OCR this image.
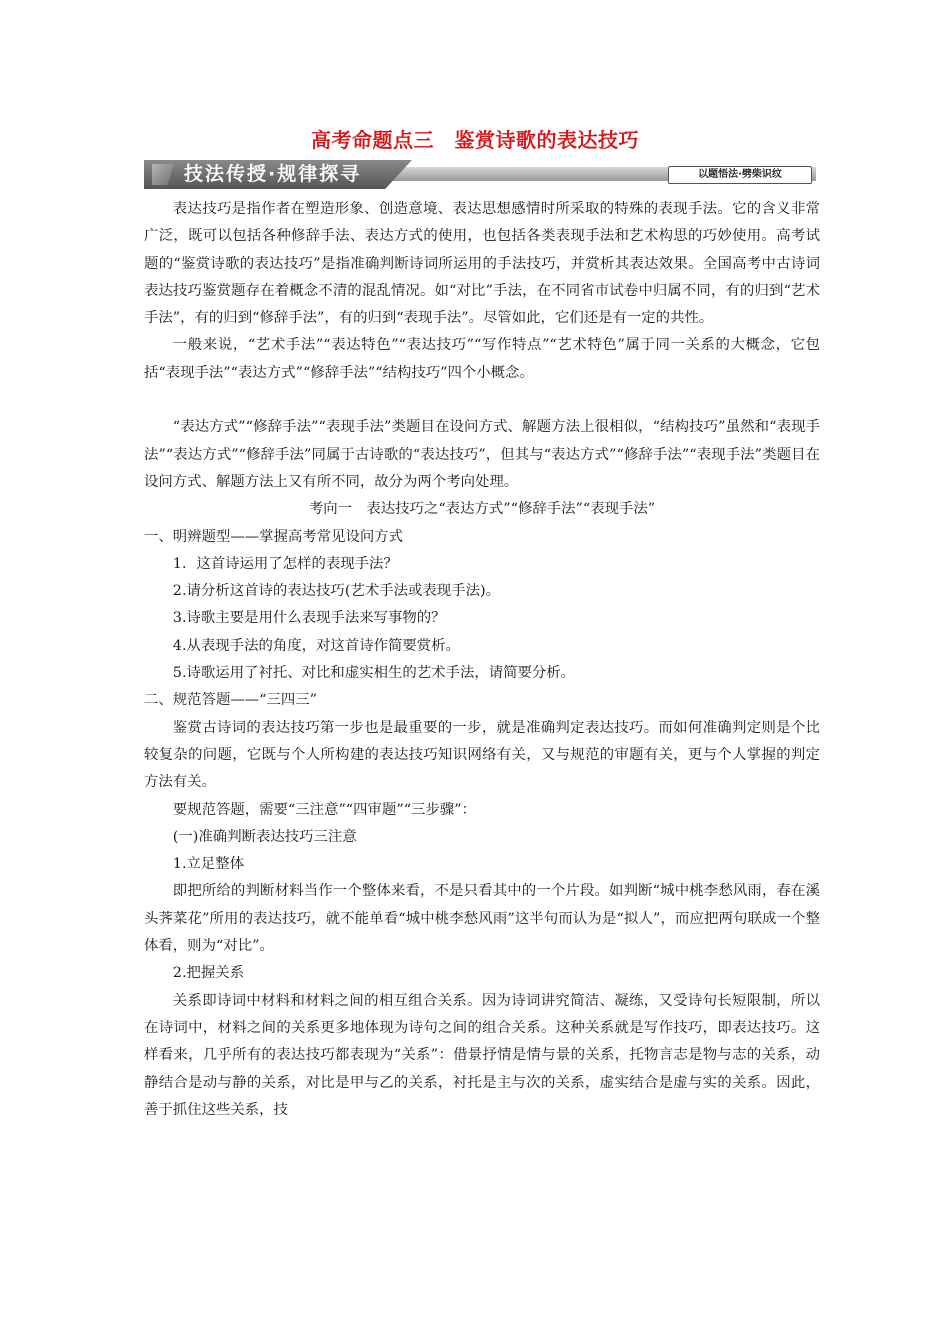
高考命题点三　鉴赏诗歌的表达技巧
技法传授·规律探寻	以题悟法·劈柴识纹

表达技巧是指作者在塑造形象、创造意境、表达思想感情时所采取的特殊的表现手法。它的含义非常广泛，既可以包括各种修辞手法、表达方式的使用，也包括各类表现手法和艺术构思的巧妙使用。高考试题的“鉴赏诗歌的表达技巧”是指准确判断诗词所运用的手法技巧，并赏析其表达效果。全国高考中古诗词表达技巧鉴赏题存在着概念不清的混乱情况。如“对比”手法，在不同省市试卷中归属不同，有的归到“艺术手法”，有的归到“修辞手法”，有的归到“表现手法”。尽管如此，它们还是有一定的共性。

一般来说，“艺术手法”“表达特色”“表达技巧”“写作特点”“艺术特色”属于同一关系的大概念，它包括“表现手法”“表达方式”“修辞手法”“结构技巧”四个小概念。

“表达方式”“修辞手法”“表现手法”类题目在设问方式、解题方法上很相似，“结构技巧”虽然和“表现手法”“表达方式”“修辞手法”同属于古诗歌的“表达技巧”，但其与“表达方式”“修辞手法”“表现手法”类题目在设问方式、解题方法上又有所不同，故分为两个考向处理。

考向一　表达技巧之“表达方式”“修辞手法”“表现手法”

一、明辨题型——掌握高考常见设问方式

1．这首诗运用了怎样的表现手法？

2.请分析这首诗的表达技巧(艺术手法或表现手法)。

3.诗歌主要是用什么表现手法来写事物的？

4.从表现手法的角度，对这首诗作简要赏析。

5.诗歌运用了衬托、对比和虚实相生的艺术手法，请简要分析。

二、规范答题——“三四三”

鉴赏古诗词的表达技巧第一步也是最重要的一步，就是准确判定表达技巧。而如何准确判定则是个比较复杂的问题，它既与个人所构建的表达技巧知识网络有关，又与规范的审题有关，更与个人掌握的判定方法有关。

要规范答题，需要“三注意”“四审题”“三步骤”：

(一)准确判断表达技巧三注意

1.立足整体

即把所给的判断材料当作一个整体来看，不是只看其中的一个片段。如判断“城中桃李愁风雨，春在溪头荠菜花”所用的表达技巧，就不能单看“城中桃李愁风雨”这半句而认为是“拟人”，而应把两句联成一个整体看，则为“对比”。

2.把握关系

关系即诗词中材料和材料之间的相互组合关系。因为诗词讲究简洁、凝练，又受诗句长短限制，所以在诗词中，材料之间的关系更多地体现为诗句之间的组合关系。这种关系就是写作技巧，即表达技巧。这样看来，几乎所有的表达技巧都表现为“关系”：借景抒情是情与景的关系，托物言志是物与志的关系，动静结合是动与静的关系，对比是甲与乙的关系，衬托是主与次的关系，虚实结合是虚与实的关系。因此，善于抓住这些关系，技
